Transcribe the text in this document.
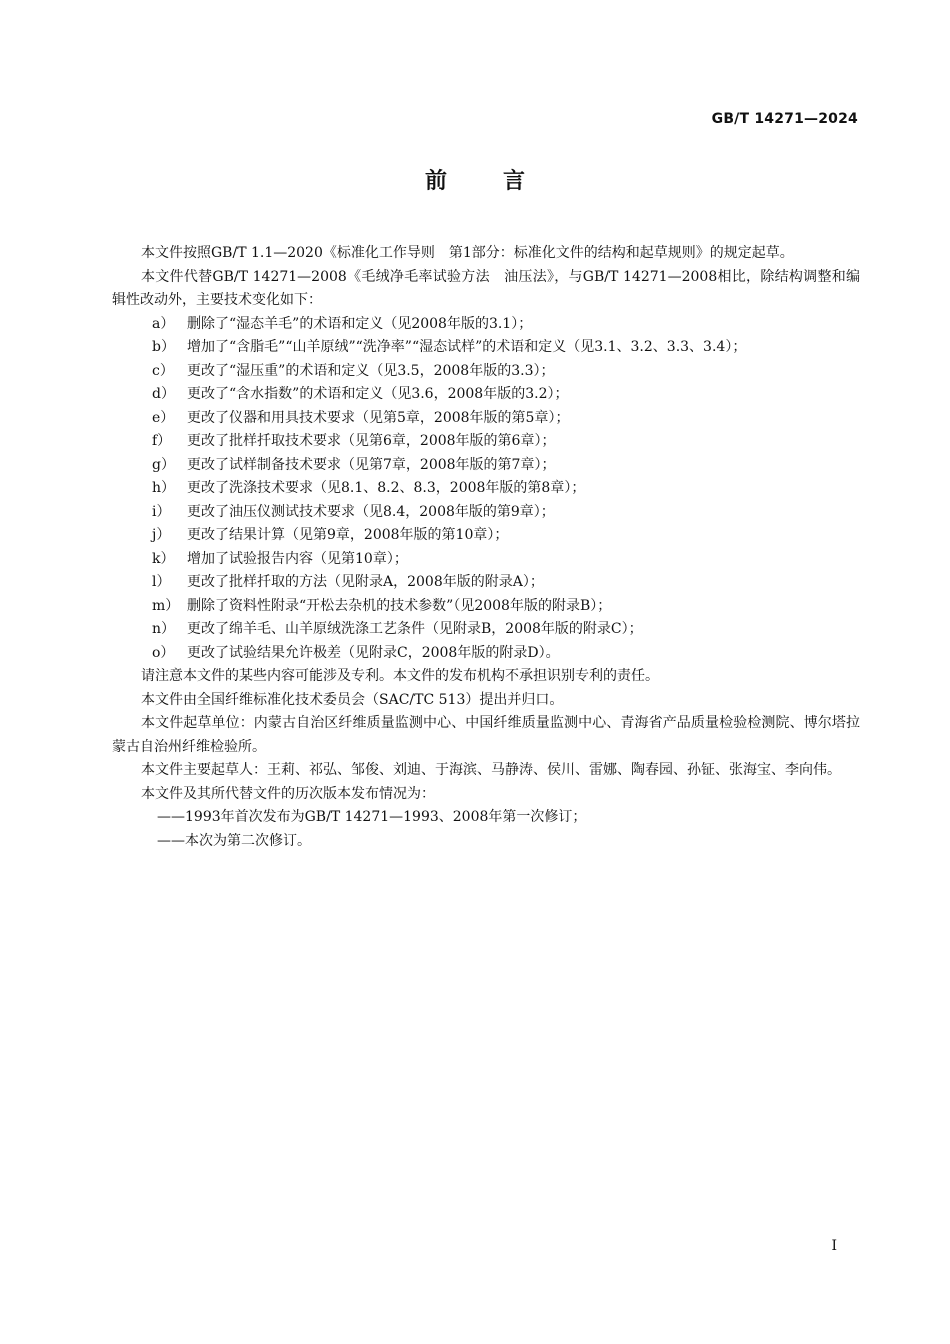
GB/T 14271—2024
前言

本文件按照GB/T 1.1—2020《标准化工作导则　第1部分：标准化文件的结构和起草规则》的规定起草。

本文件代替GB/T 14271—2008《毛绒净毛率试验方法　油压法》，与GB/T 14271—2008相比，除结构调整和编辑性改动外，主要技术变化如下：

a） 删除了“湿态羊毛”的术语和定义（见2008年版的3.1）；
b） 增加了“含脂毛”“山羊原绒”“洗净率”“湿态试样”的术语和定义（见3.1、3.2、3.3、3.4）；
c） 更改了“湿压重”的术语和定义（见3.5，2008年版的3.3）；
d） 更改了“含水指数”的术语和定义（见3.6，2008年版的3.2）；
e） 更改了仪器和用具技术要求（见第5章，2008年版的第5章）；
f）	更改了批样扦取技术要求（见第6章，2008年版的第6章）；
g） 更改了试样制备技术要求（见第7章，2008年版的第7章）；
h） 更改了洗涤技术要求（见8.1、8.2、8.3，2008年版的第8章）；
i）	更改了油压仪测试技术要求（见8.4，2008年版的第9章）；
j）	更改了结果计算（见第9章，2008年版的第10章）；
k） 增加了试验报告内容（见第10章）；
l）	更改了批样扦取的方法（见附录A，2008年版的附录A）；
m） 删除了资料性附录“开松去杂机的技术参数”（见2008年版的附录B）；
n） 更改了绵羊毛、山羊原绒洗涤工艺条件（见附录B，2008年版的附录C）；
o） 更改了试验结果允许极差（见附录C，2008年版的附录D）。

请注意本文件的某些内容可能涉及专利。本文件的发布机构不承担识别专利的责任。

本文件由全国纤维标准化技术委员会（SAC/TC 513）提出并归口。

本文件起草单位：内蒙古自治区纤维质量监测中心、中国纤维质量监测中心、青海省产品质量检验检测院、博尔塔拉蒙古自治州纤维检验所。

本文件主要起草人：王莉、祁弘、邹俊、刘迪、于海滨、马静涛、侯川、雷娜、陶春园、孙钲、张海宝、李向伟。

本文件及其所代替文件的历次版本发布情况为：

——1993年首次发布为GB/T 14271—1993、2008年第一次修订；
——本次为第二次修订。
I
